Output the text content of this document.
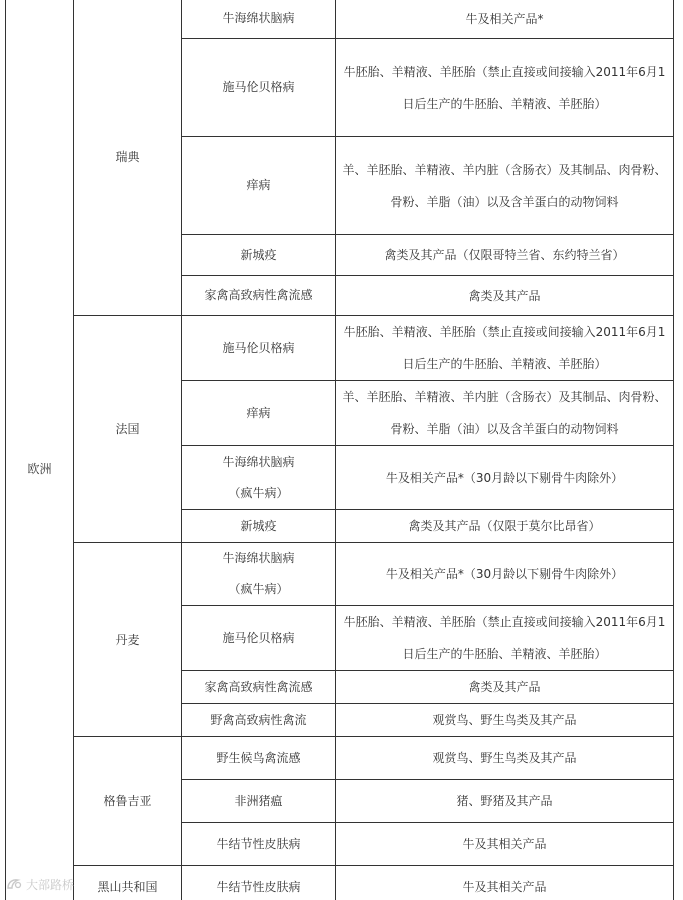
欧洲	瑞典	牛海绵状脑病	牛及相关产品*

		施马伦贝格病	牛胚胎、羊精液、羊胚胎（禁止直接或间接输入2011年6月1
日后生产的牛胚胎、羊精液、羊胚胎）

		痒病	羊、羊胚胎、羊精液、羊内脏（含肠衣）及其制品、肉骨粉、
骨粉、羊脂（油）以及含羊蛋白的动物饲料

		新城疫	禽类及其产品（仅限哥特兰省、东约特兰省）

		家禽高致病性禽流感	禽类及其产品

	法国	施马伦贝格病	牛胚胎、羊精液、羊胚胎（禁止直接或间接输入2011年6月1
日后生产的牛胚胎、羊精液、羊胚胎）

		痒病	羊、羊胚胎、羊精液、羊内脏（含肠衣）及其制品、肉骨粉、
骨粉、羊脂（油）以及含羊蛋白的动物饲料

		牛海绵状脑病
（疯牛病）	牛及相关产品*（30月龄以下剔骨牛肉除外）

		新城疫	禽类及其产品（仅限于莫尔比昂省）

	丹麦	牛海绵状脑病
（疯牛病）	牛及相关产品*（30月龄以下剔骨牛肉除外）

		施马伦贝格病	牛胚胎、羊精液、羊胚胎（禁止直接或间接输入2011年6月1
日后生产的牛胚胎、羊精液、羊胚胎）

		家禽高致病性禽流感	禽类及其产品

		野禽高致病性禽流	观赏鸟、野生鸟类及其产品

	格鲁吉亚	野生候鸟禽流感	观赏鸟、野生鸟类及其产品

		非洲猪瘟	猪、野猪及其产品

		牛结节性皮肤病	牛及其相关产品

	黑山共和国	牛结节性皮肤病	牛及其相关产品

大部路桥
